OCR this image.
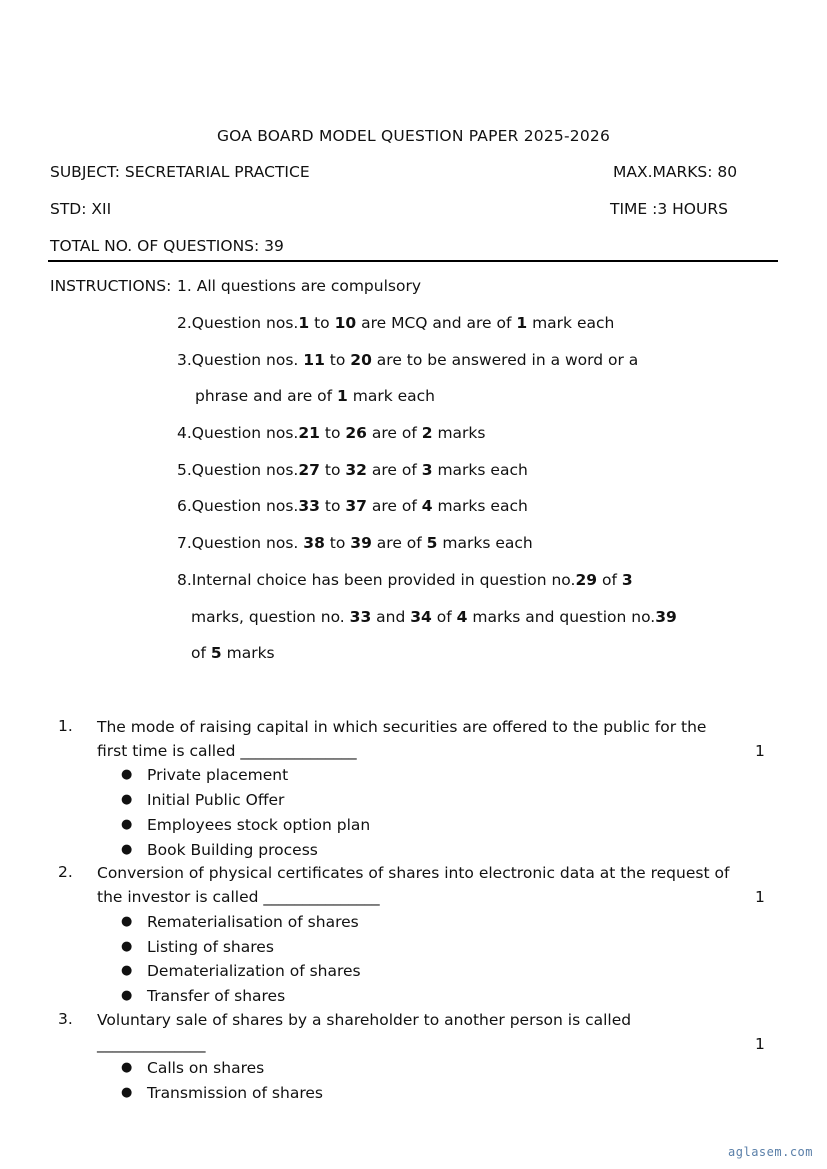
GOA BOARD MODEL QUESTION PAPER 2025-2026
SUBJECT: SECRETARIAL PRACTICE	MAX.MARKS: 80
STD: XII	TIME :3 HOURS
TOTAL NO. OF QUESTIONS: 39
INSTRUCTIONS: 1. All questions are compulsory
2.Question nos.1 to 10 are MCQ and are of 1 mark each
3.Question nos. 11 to 20 are to be answered in a word or a
phrase and are of 1 mark each
4.Question nos.21 to 26 are of 2 marks
5.Question nos.27 to 32 are of 3 marks each
6.Question nos.33 to 37 are of 4 marks each
7.Question nos. 38 to 39 are of 5 marks each
8.Internal choice has been provided in question no.29 of 3
marks, question no. 33 and 34 of 4 marks and question no.39
of 5 marks
1. The mode of raising capital in which securities are offered to the public for the
first time is called _______________	1
● Private placement
● Initial Public Offer
● Employees stock option plan
● Book Building process
2. Conversion of physical certificates of shares into electronic data at the request of
the investor is called _______________	1
● Rematerialisation of shares
● Listing of shares
● Dematerialization of shares
● Transfer of shares
3. Voluntary sale of shares by a shareholder to another person is called
______________	1
● Calls on shares
● Transmission of shares
aglasem.com
